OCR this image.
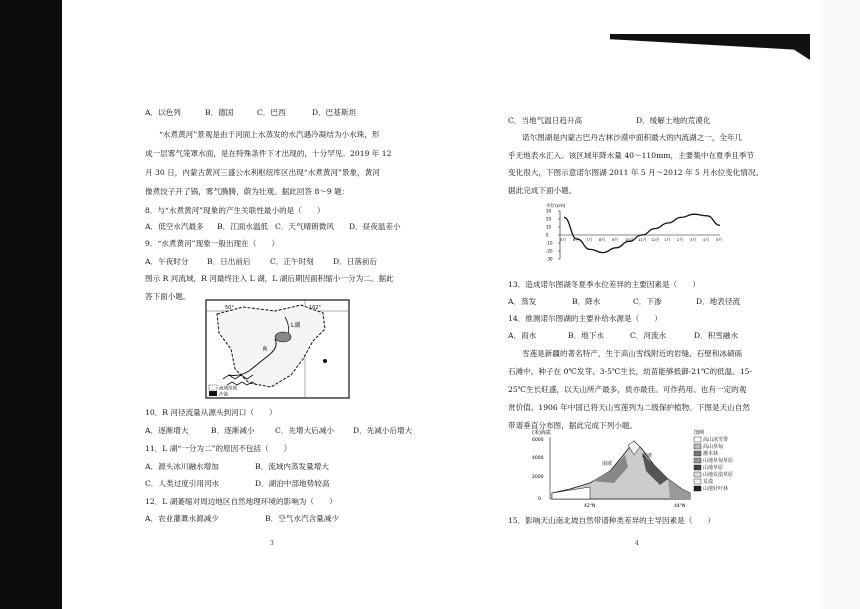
A．以色列	B．德国	C．巴西	D．巴基斯坦
“水煮黄河”景观是由于河面上水蒸发的水汽遇冷凝结为小水珠，形
成一层雾气笼罩水面，是在特殊条件下才出现的，十分罕见。2019 年 12
月 30 日，内蒙古黄河三盛公水利枢纽库区出现“水煮黄河”景象，黄河
像煮饺子开了锅，雾气腾腾，蔚为壮观。据此回答 8～9 题：
8．与“水煮黄河”现象的产生关联性最小的是（　　）
A．低空水汽最多 B．江面水温低 C．天气晴朗微风 D．昼夜温差小
9．“水煮黄河”现象一般出现在（　　）
A．午夜时分 B．日出前后	C．正午时刻	D．日落前后
图示 R 河流域，R 河最终注入 L 湖，L 湖后期因面积缩小一分为二。据此
答下面小题。
50°	102°
L湖
R
流域范围
沙漠
10．R 河径流量从源头到河口（　　）
A．逐渐增大	B．逐渐减小	C．先增大后减小	D．先减小后增大
11．L 湖“一分为二”的原因不包括（　　）
A．源头冰川融水增加	B．流域内蒸发量增大
C．人类过度引用河水	D．湖泊中部地势较高
12．L 湖萎缩对周边地区自然地理环境的影响为（　　）
A．农业灌溉水源减少	B．空气水汽含量减少
3
C．当地气温日趋升高	D．缓解土地的荒漠化
诺尔图湖是内蒙古巴丹吉林沙漠中面积最大的内流湖之一，全年几
乎无地表水汇入。该区域年降水量 40～110mm，主要集中在夏季且季节
变化很大，下图示意诺尔图湖 2011 年 5 月～2012 年 5 月水位变化情况。
据此完成下面小题。
水位(cm)
30
20
10
0
-10
-20
-30
5月 6月 7月 8月 9月 10月 11月 12月 1月 2月 3月 4月 5月
13．造成诺尔图湖冬夏季水位差异的主要因素是（　　）
A．蒸发	B．降水	C．下渗	D．地表径流
14．推测诺尔图湖的主要补给水源是（　　）
A．雨水	B．地下水	C．河流水	D．积雪融水
雪莲是新疆的著名特产，生于高山雪线附近的岩缝、石壁和冰碛砾
石滩中。种子在 0℃发芽、3-5℃生长，幼苗能够抵御-21℃的低温、15-
25℃生长旺盛，以天山所产最多，质亦最佳。可作药用、也有一定的观
赏价值。1906 年中国已将天山雪莲列为二级保护植物。下图是天山自然
带谱垂直分布图，据此完成下列小题。
(米)海拔
6000
4000
2000
0
南坡
北坡
42°N	44°N
图例
高山冰雪带
高山草甸
灌木林
山地草甸草原
山地草原
山地荒漠草原
荒漠
山地针叶林
15．影响天山南北坡自然带谱种类差异的主导因素是（　　）
4
